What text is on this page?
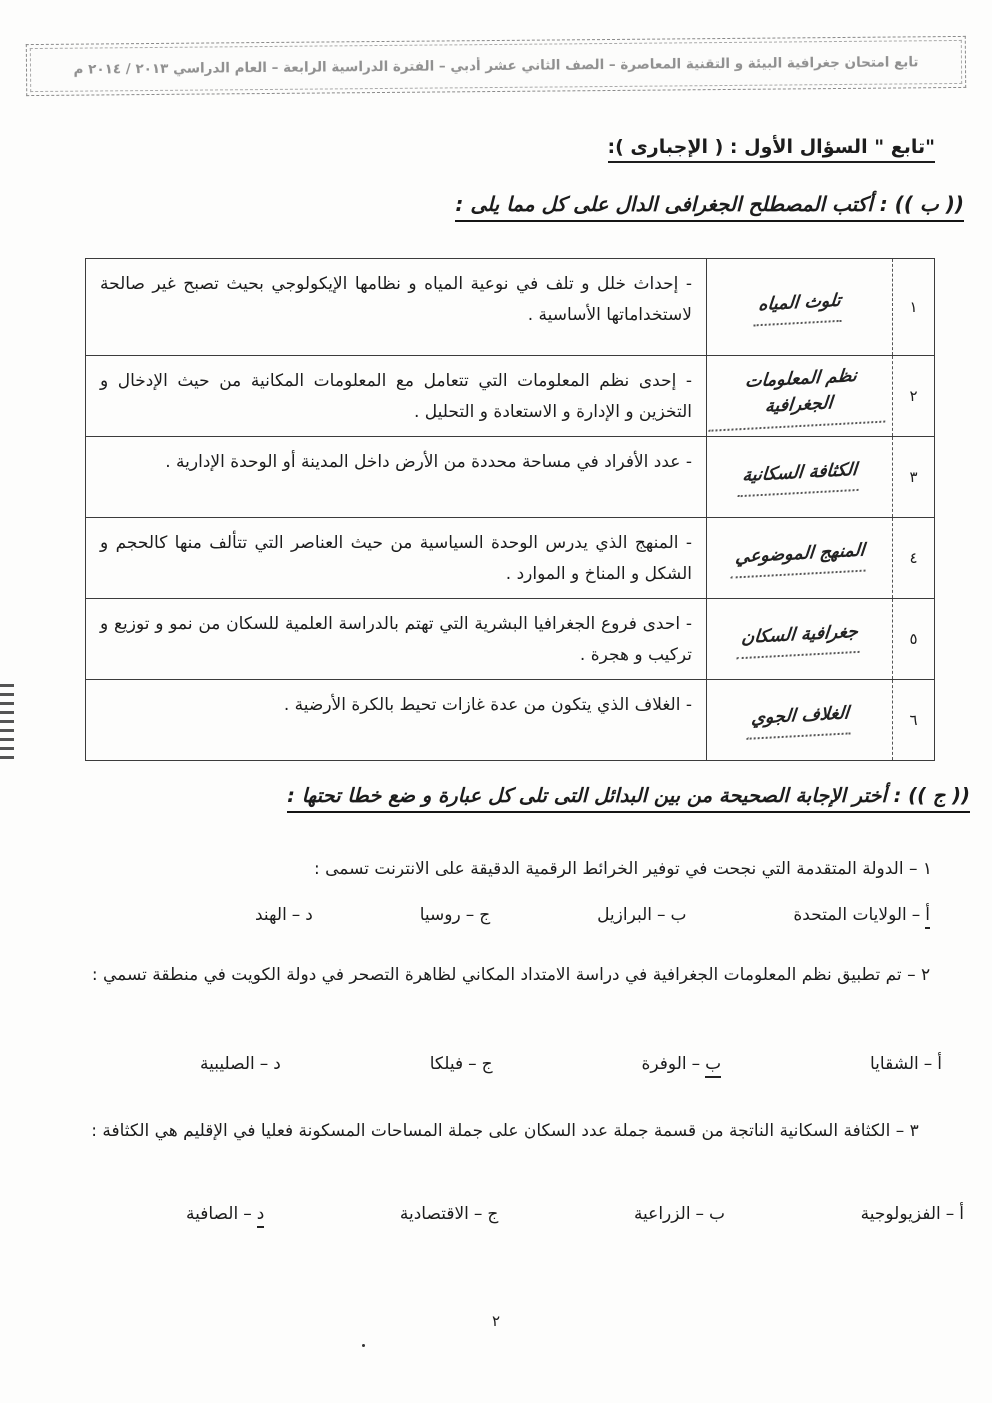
تابع امتحان جغرافية البيئة و التقنية المعاصرة – الصف الثاني عشر أدبي – الفترة الدراسية الرابعة – العام الدراسي ٢٠١٣ / ٢٠١٤ م
"تابع " السؤال الأول : ( الإجبارى ):
(( ب )) : أكتب المصطلح الجغرافى الدال على كل مما يلى :
١
تلوث المياه
- إحداث خلل و تلف في نوعية المياه و نظامها الإيكولوجي بحيث تصبح غير صالحة لاستخداماتها الأساسية .
٢
نظم المعلومات الجغرافية
- إحدى نظم المعلومات التي تتعامل مع المعلومات المكانية من حيث الإدخال و التخزين و الإدارة و الاستعادة و التحليل .
٣
الكثافة السكانية
- عدد الأفراد في مساحة محددة من الأرض داخل المدينة أو الوحدة الإدارية .
٤
المنهج الموضوعي
- المنهج الذي يدرس الوحدة السياسية من حيث العناصر التي تتألف منها كالحجم و الشكل و المناخ و الموارد .
٥
جغرافية السكان
- احدى فروع الجغرافيا البشرية التي تهتم بالدراسة العلمية للسكان من نمو و توزيع و تركيب و هجرة .
٦
الغلاف الجوي
- الغلاف الذي يتكون من عدة غازات تحيط بالكرة الأرضية .
(( ج )) : أختر الإجابة الصحيحة من بين البدائل التى تلى كل عبارة و ضع خطا تحتها :
١ – الدولة المتقدمة التي نجحت في توفير الخرائط الرقمية الدقيقة على الانترنت تسمى :
أ–الولايات المتحدة
ب–البرازيل
ج–روسيا
د–الهند
٢ – تم تطبيق نظم المعلومات الجغرافية في دراسة الامتداد المكاني لظاهرة التصحر في دولة الكويت في منطقة تسمي :
أ–الشقايا
ب–الوفرة
ج–فيلكا
د–الصليبية
٣ – الكثافة السكانية الناتجة من قسمة جملة عدد السكان على جملة المساحات المسكونة فعليا في الإقليم هي الكثافة :
أ–الفزيولوجية
ب–الزراعية
ج–الاقتصادية
د–الصافية
٢
